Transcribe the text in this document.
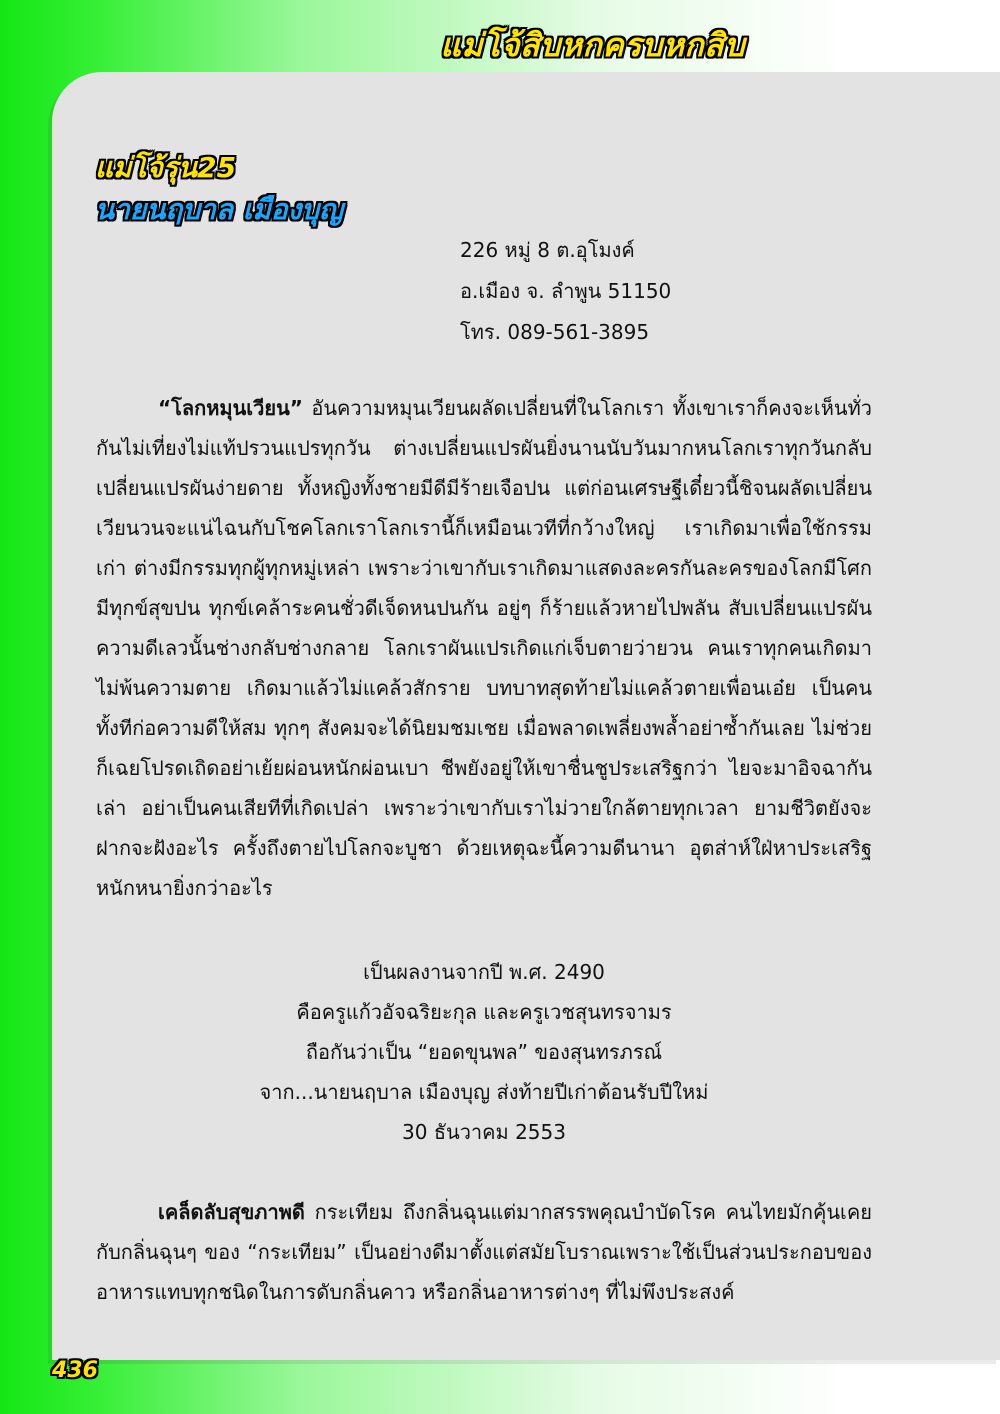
แม่โจ้สิบหกครบหกสิบ
แม่โจ้รุ่น25
นายนฤบาล เมืองบุญ
226 หมู่ 8 ต.อุโมงค์
อ.เมือง จ. ลำพูน 51150
โทร. 089-561-3895
“โลกหมุนเวียน” อันความหมุนเวียนผลัดเปลี่ยนที่ในโลกเรา ทั้งเขาเราก็คงจะเห็นทั่วกันไม่เที่ยงไม่แท้ปรวนแปรทุกวัน ต่างเปลี่ยนแปรผันยิ่งนานนับวันมากหนโลกเราทุกวันกลับเปลี่ยนแปรผันง่ายดาย ทั้งหญิงทั้งชายมีดีมีร้ายเจือปน แต่ก่อนเศรษฐีเดี๋ยวนี้ชิจนผลัดเปลี่ยนเวียนวนจะแน่ไฉนกับโชคโลกเราโลกเรานี้ก็เหมือนเวทีที่กว้างใหญ่ เราเกิดมาเพื่อใช้กรรมเก่า ต่างมีกรรมทุกผู้ทุกหมู่เหล่า เพราะว่าเขากับเราเกิดมาแสดงละครกันละครของโลกมีโศกมีทุกข์สุขปน ทุกข์เคล้าระคนชั่วดีเจ็ดหนปนกัน อยู่ๆ ก็ร้ายแล้วหายไปพลัน สับเปลี่ยนแปรผันความดีเลวนั้นช่างกลับช่างกลาย โลกเราผันแปรเกิดแก่เจ็บตายว่ายวน คนเราทุกคนเกิดมาไม่พ้นความตาย เกิดมาแล้วไม่แคล้วสักราย บทบาทสุดท้ายไม่แคล้วตายเพื่อนเอ๋ย เป็นคนทั้งทีก่อความดีให้สม ทุกๆ สังคมจะได้นิยมชมเชย เมื่อพลาดเพลี่ยงพล้ำอย่าซ้ำกันเลย ไม่ช่วยก็เฉยโปรดเถิดอย่าเย้ยผ่อนหนักผ่อนเบา ชีพยังอยู่ให้เขาชื่นชูประเสริฐกว่า ไยจะมาอิจฉากันเล่า อย่าเป็นคนเสียทีที่เกิดเปล่า เพราะว่าเขากับเราไม่วายใกล้ตายทุกเวลา ยามชีวิตยังจะฝากจะฝังอะไร ครั้งถึงตายไปโลกจะบูชา ด้วยเหตุฉะนี้ความดีนานา อุตส่าห์ใฝ่หาประเสริฐหนักหนายิ่งกว่าอะไร
เป็นผลงานจากปี พ.ศ. 2490
คือครูแก้วอัจฉริยะกุล และครูเวชสุนทรจามร
ถือกันว่าเป็น “ยอดขุนพล” ของสุนทรภรณ์
จาก...นายนฤบาล เมืองบุญ ส่งท้ายปีเก่าต้อนรับปีใหม่
30 ธันวาคม 2553
เคล็ดลับสุขภาพดี กระเทียม ถึงกลิ่นฉุนแต่มากสรรพคุณบำบัดโรค คนไทยมักคุ้นเคยกับกลิ่นฉุนๆ ของ “กระเทียม” เป็นอย่างดีมาตั้งแต่สมัยโบราณเพราะใช้เป็นส่วนประกอบของอาหารแทบทุกชนิดในการดับกลิ่นคาว หรือกลิ่นอาหารต่างๆ ที่ไม่พึงประสงค์
436
